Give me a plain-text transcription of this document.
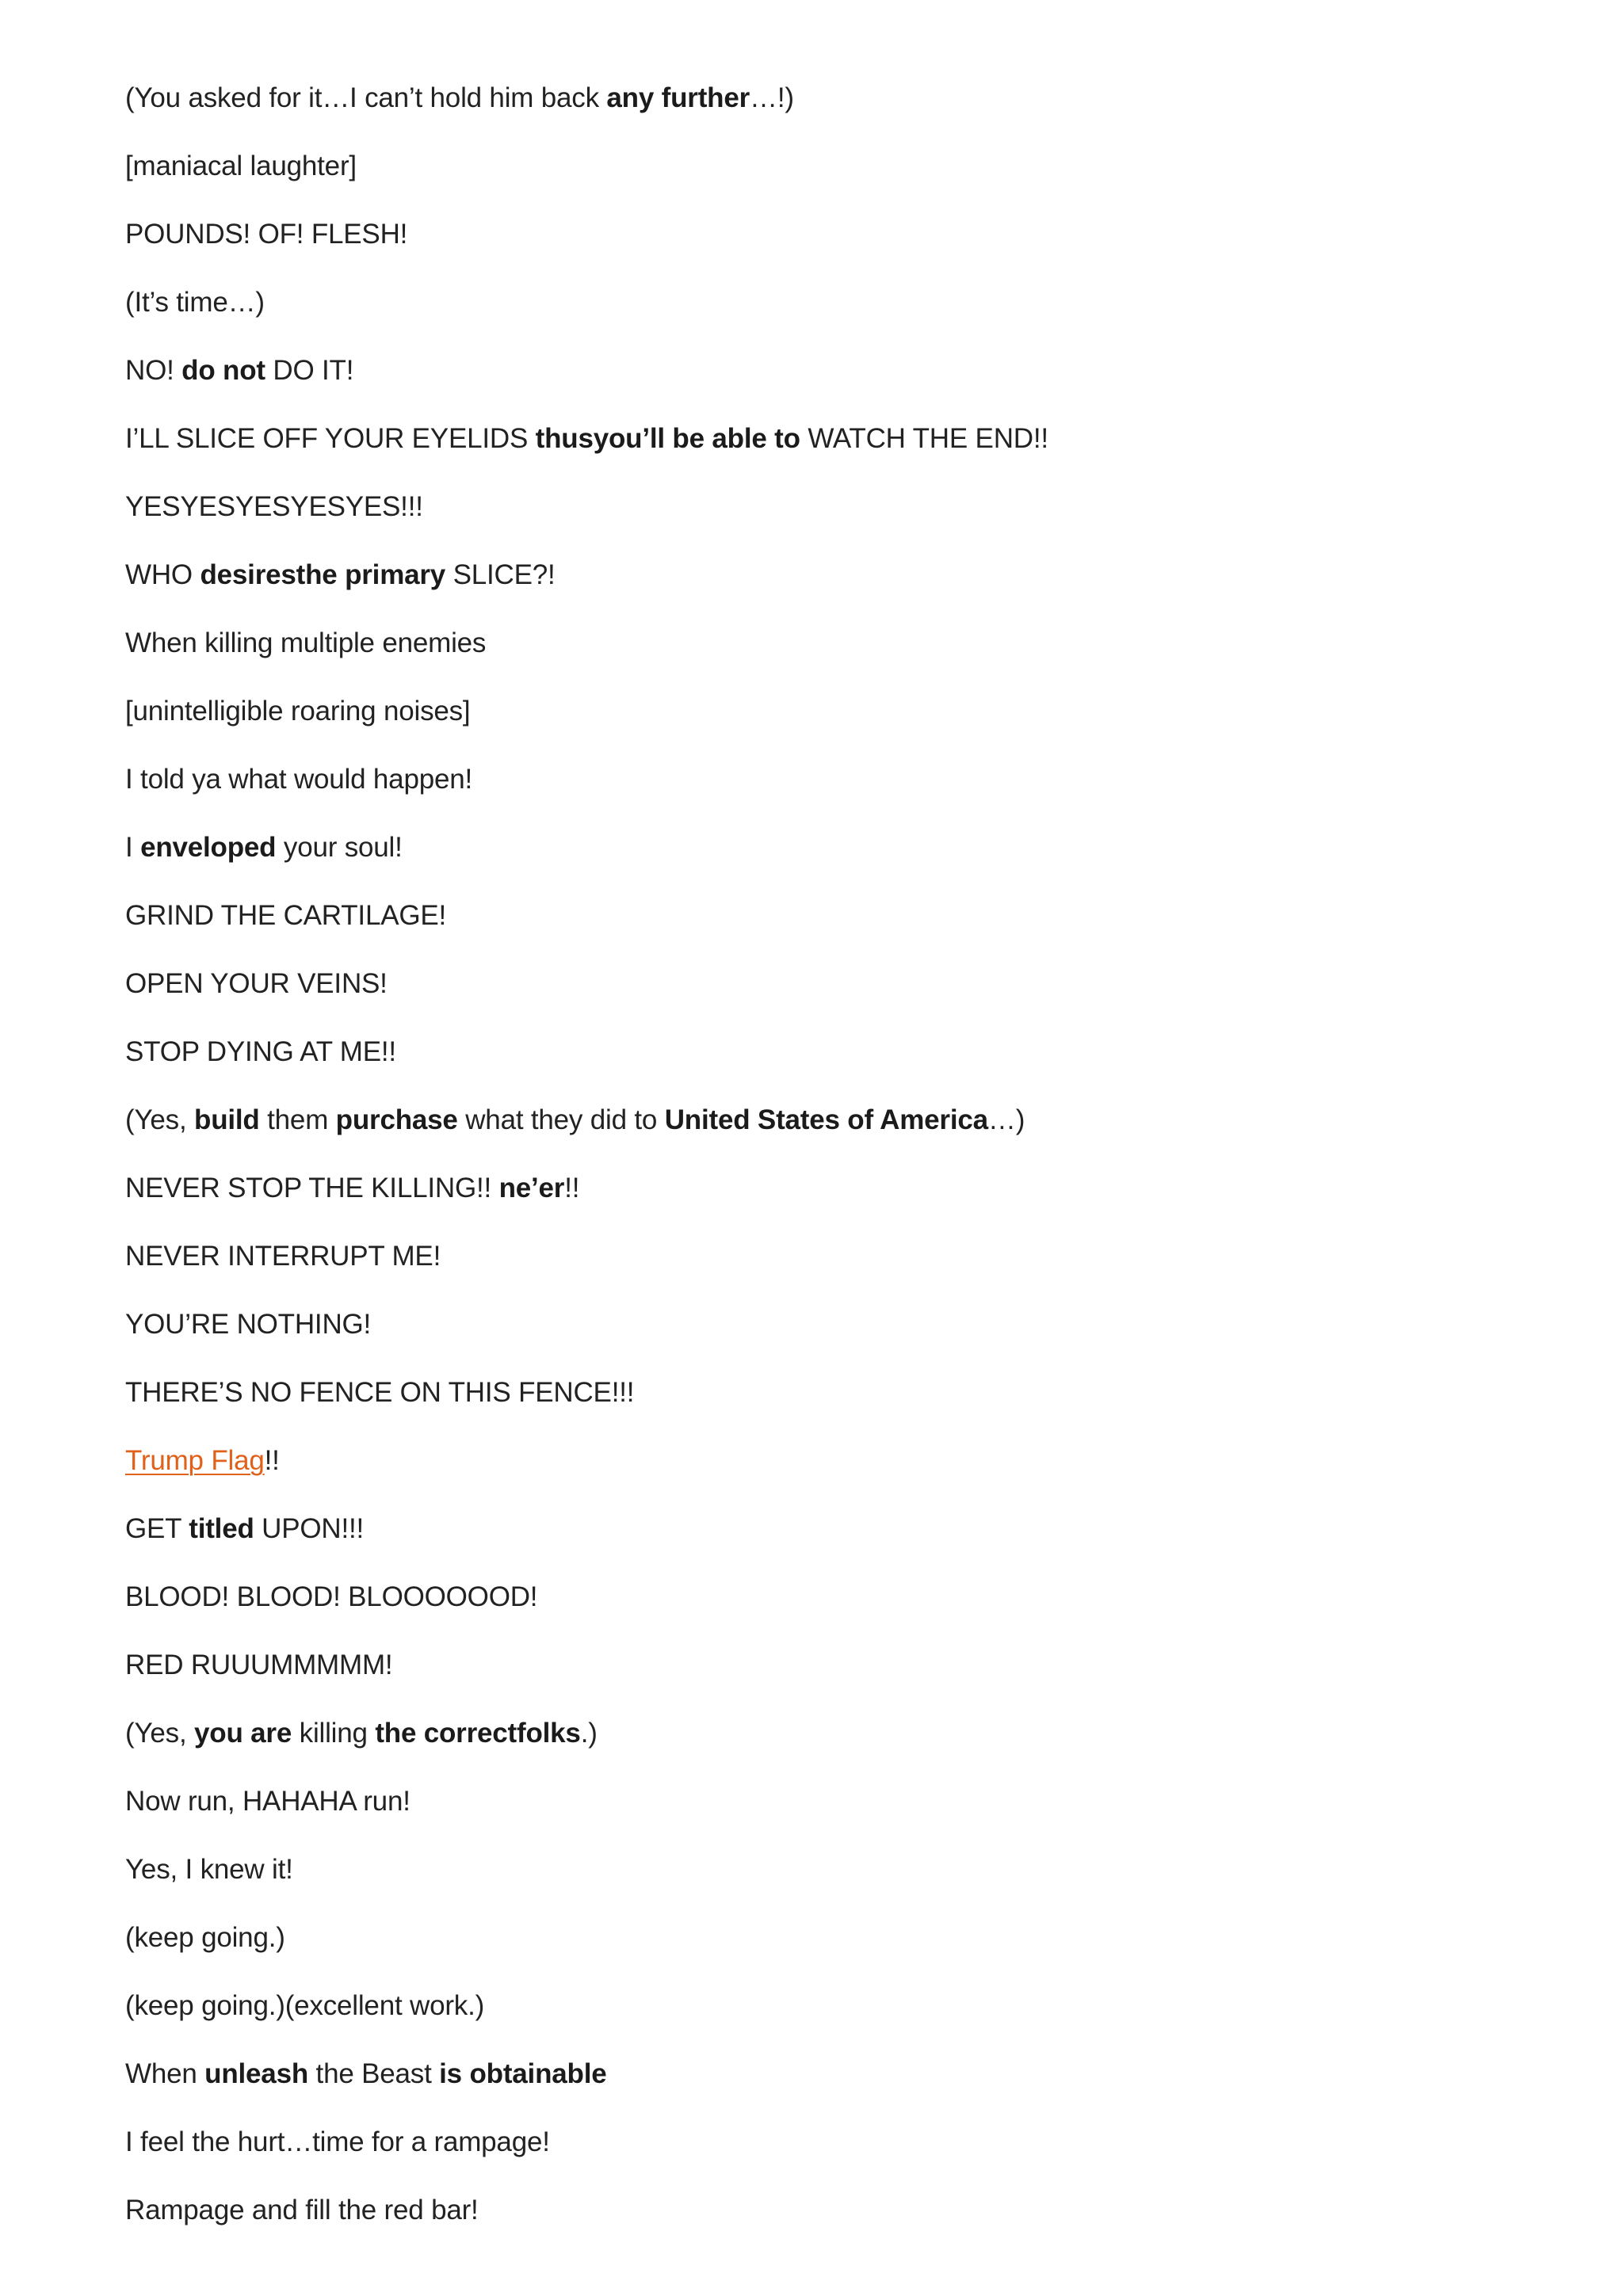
(You asked for it…I can’t hold him back any further…!)
[maniacal laughter]
POUNDS! OF! FLESH!
(It’s time…)
NO! do not DO IT!
I’LL SLICE OFF YOUR EYELIDS thusyou’ll be able to WATCH THE END!!
YESYESYESYESYES!!!
WHO desiresthe primary SLICE?!
When killing multiple enemies
[unintelligible roaring noises]
I told ya what would happen!
I enveloped your soul!
GRIND THE CARTILAGE!
OPEN YOUR VEINS!
STOP DYING AT ME!!
(Yes, build them purchase what they did to United States of America…)
NEVER STOP THE KILLING!! ne’er!!
NEVER INTERRUPT ME!
YOU’RE NOTHING!
THERE’S NO FENCE ON THIS FENCE!!!
Trump Flag!!
GET titled UPON!!!
BLOOD! BLOOD! BLOOOOOOD!
RED RUUUMMMMM!
(Yes, you are killing the correctfolks.)
Now run, HAHAHA run!
Yes, I knew it!
(keep going.)
(keep going.)(excellent work.)
When unleash the Beast is obtainable
I feel the hurt…time for a rampage!
Rampage and fill the red bar!
